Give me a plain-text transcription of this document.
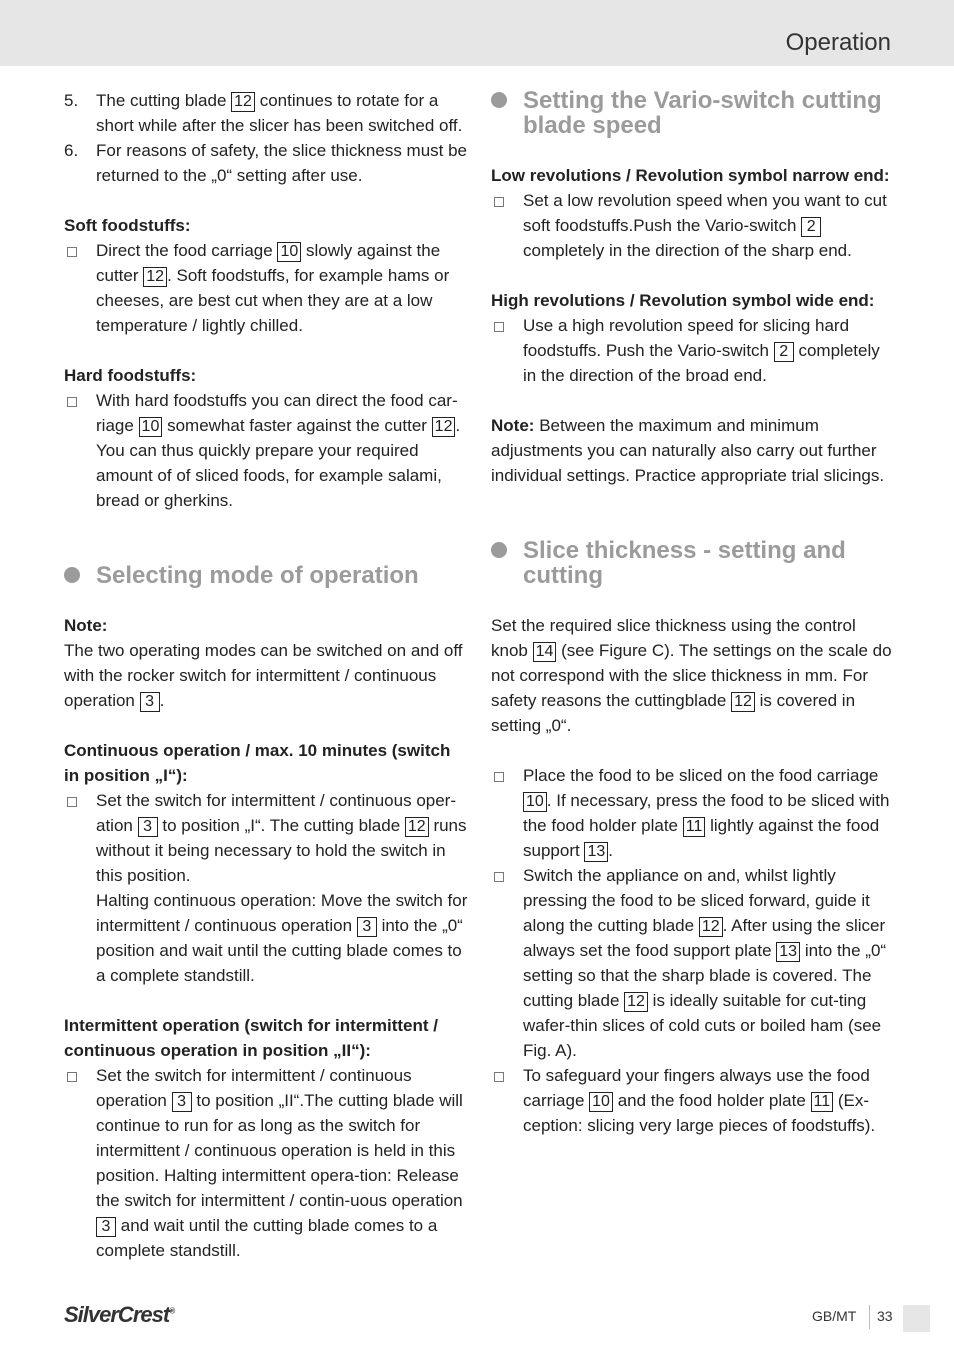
Operation
5.	The cutting blade 12 continues to rotate for a short while after the slicer has been switched off.
6.	For reasons of safety, the slice thickness must be returned to the „0“ setting after use.
Soft foodstuffs:
Direct the food carriage 10 slowly against the cutter 12 . Soft foodstuffs, for example hams or cheeses, are best cut when they are at a low temperature / lightly chilled.
Hard foodstuffs:
With hard foodstuffs you can direct the food car-riage 10 somewhat faster against the cutter 12 . You can thus quickly prepare your required amount of of sliced foods, for example salami, bread or gherkins.
Selecting mode of operation
Note:
The two operating modes can be switched on and off with the rocker switch for intermittent / continuous operation 3 .
Continuous operation / max. 10 minutes (switch in position „I“):
Set the switch for intermittent / continuous oper-ation 3 to position „I“. The cutting blade 12 runs without it being necessary to hold the switch in this position.
Halting continuous operation: Move the switch for intermittent / continuous operation 3 into the „0“ position and wait until the cutting blade comes to a complete standstill.
Intermittent operation (switch for intermittent / continuous operation in position „II“):
Set the switch for intermittent / continuous operation 3 to position „II“.The cutting blade will continue to run for as long as the switch for intermittent / continuous operation is held in this position. Halting intermittent opera-tion: Release the switch for intermittent / contin-uous operation 3 and wait until the cutting blade comes to a complete standstill.
Setting the Vario-switch cutting blade speed
Low revolutions / Revolution symbol narrow end:
Set a low revolution speed when you want to cut soft foodstuffs.Push the Vario-switch 2 completely in the direction of the sharp end.
High revolutions / Revolution symbol wide end:
Use a high revolution speed for slicing hard foodstuffs. Push the Vario-switch 2 completely in the direction of the broad end.
Note: Between the maximum and minimum adjustments you can naturally also carry out further individual settings. Practice appropriate trial slicings.
Slice thickness - setting and cutting
Set the required slice thickness using the control knob 14 (see Figure C). The settings on the scale do not correspond with the slice thickness in mm. For safety reasons the cuttingblade 12 is covered in setting „0“.
Place the food to be sliced on the food carriage 10 . If necessary, press the food to be sliced with the food holder plate 11 lightly against the food support 13 .
Switch the appliance on and, whilst lightly pressing the food to be sliced forward, guide it along the cutting blade 12 . After using the slicer always set the food support plate 13 into the „0“ setting so that the sharp blade is covered. The cutting blade 12 is ideally suitable for cut-ting wafer-thin slices of cold cuts or boiled ham (see Fig. A).
To safeguard your fingers always use the food carriage 10 and the food holder plate 11 (Ex-ception: slicing very large pieces of foodstuffs).
SilverCrest®	GB/MT 33
